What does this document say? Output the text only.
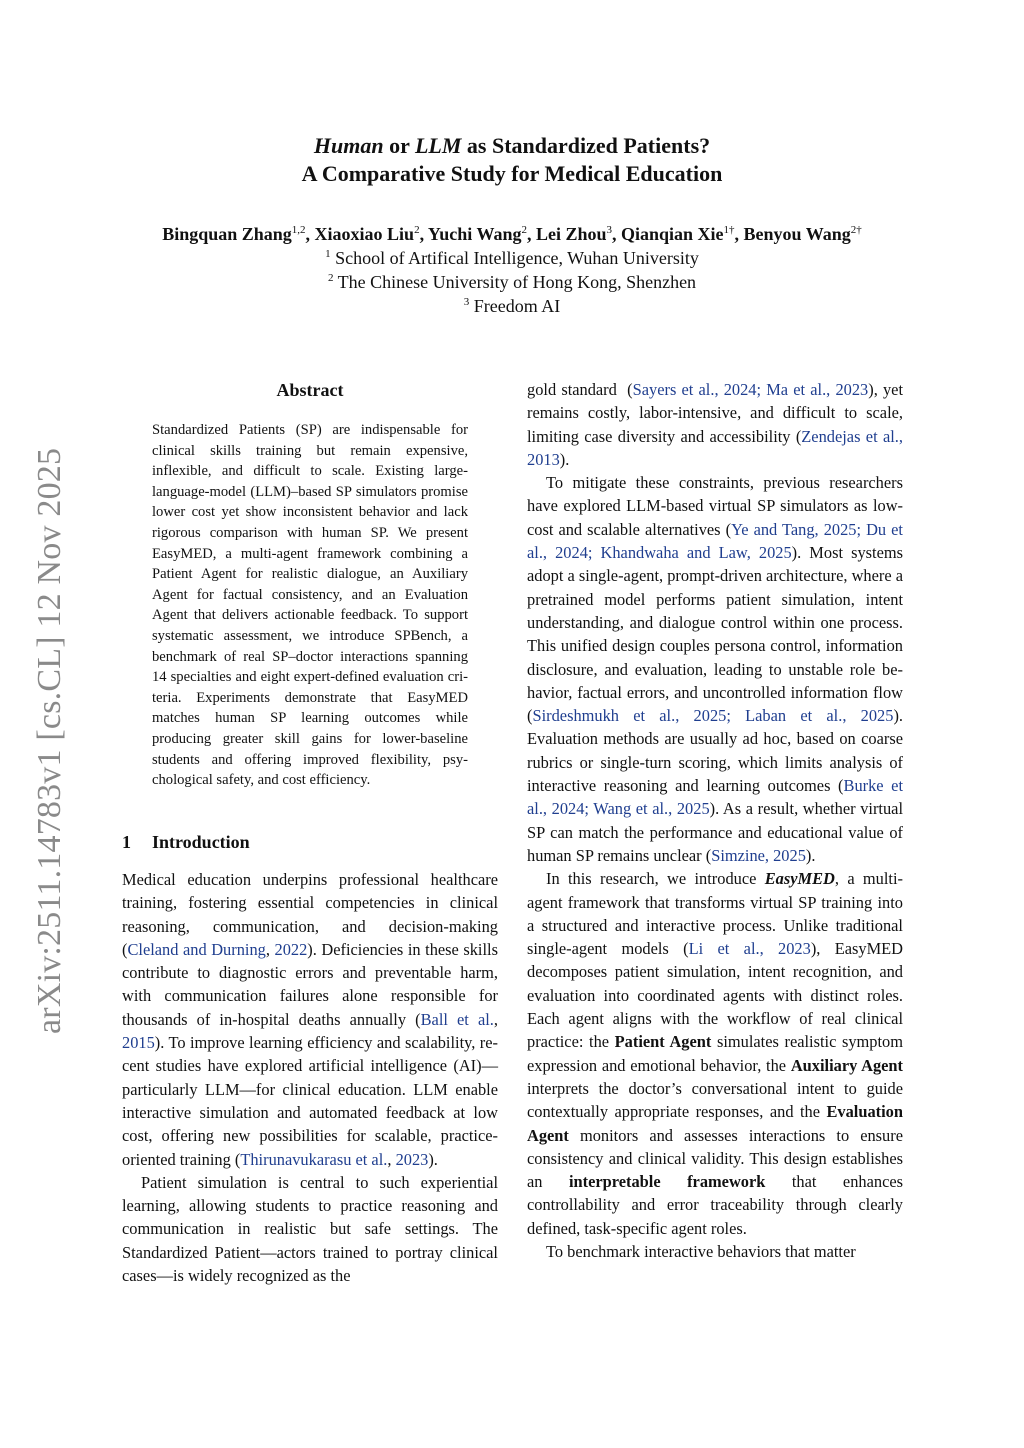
arXiv:2511.14783v1 [cs.CL] 12 Nov 2025
Human or LLM as Standardized Patients?
A Comparative Study for Medical Education
Bingquan Zhang$^{1,2}$, Xiaoxiao Liu$^2$, Yuchi Wang$^2$, Lei Zhou$^3$, Qianqian Xie$^{1\dagger}$, Benyou Wang$^{2\dagger}$
$^1$ School of Artifical Intelligence, Wuhan University
$^2$ The Chinese University of Hong Kong, Shenzhen
$^3$ Freedom AI
Abstract
Standardized Patients (SP) are indispensable for clinical skills training but remain expensive, inflexible, and difficult to scale. Existing large-language-model (LLM)–based SP simulators promise lower cost yet show inconsistent behavior and lack rigorous comparison with human SP. We present EasyMED, a multi-agent framework combining a Patient Agent for realistic dialogue, an Auxiliary Agent for factual consistency, and an Evaluation Agent that delivers actionable feedback. To support systematic assessment, we introduce SPBench, a benchmark of real SP–doctor interactions spanning 14 specialties and eight expert-defined evaluation criteria. Experiments demonstrate that EasyMED matches human SP learning outcomes while producing greater skill gains for lower-baseline students and offering improved flexibility, psychological safety, and cost efficiency.
1 Introduction

Medical education underpins professional healthcare training, fostering essential competencies in clinical reasoning, communication, and decision-making (Cleland and Durning, 2022). Deficiencies in these skills contribute to diagnostic errors and preventable harm, with communication failures alone responsible for thousands of in-hospital deaths annually (Ball et al., 2015). To improve learning efficiency and scalability, recent studies have explored artificial intelligence (AI)—particularly LLM—for clinical education. LLM enable interactive simulation and automated feedback at low cost, offering new possibilities for scalable, practice-oriented training (Thirunavukarasu et al., 2023).

Patient simulation is central to such experiential learning, allowing students to practice reasoning and communication in realistic but safe settings. The Standardized Patient—actors trained to portray clinical cases—is widely recognized as the

gold standard  (Sayers et al., 2024; Ma et al., 2023), yet remains costly, labor-intensive, and difficult to scale, limiting case diversity and accessibility (Zendejas et al., 2013).

To mitigate these constraints, previous researchers have explored LLM-based virtual SP simulators as low-cost and scalable alternatives (Ye and Tang, 2025; Du et al., 2024; Khandwaha and Law, 2025). Most systems adopt a single-agent, prompt-driven architecture, where a pretrained model performs patient simulation, intent understanding, and dialogue control within one process. This unified design couples persona control, information disclosure, and evaluation, leading to unstable role behavior, factual errors, and uncontrolled information flow (Sirdeshmukh et al., 2025; Laban et al., 2025). Evaluation methods are usually ad hoc, based on coarse rubrics or single-turn scoring, which limits analysis of interactive reasoning and learning outcomes (Burke et al., 2024; Wang et al., 2025). As a result, whether virtual SP can match the performance and educational value of human SP remains unclear (Simzine, 2025).

In this research, we introduce EasyMED, a multi-agent framework that transforms virtual SP training into a structured and interactive process. Unlike traditional single-agent models (Li et al., 2023), EasyMED decomposes patient simulation, intent recognition, and evaluation into coordinated agents with distinct roles. Each agent aligns with the workflow of real clinical practice: the Patient Agent simulates realistic symptom expression and emotional behavior, the Auxiliary Agent interprets the doctor’s conversational intent to guide contextually appropriate responses, and the Evaluation Agent monitors and assesses interactions to ensure consistency and clinical validity. This design establishes an interpretable framework that enhances controllability and error traceability through clearly defined, task-specific agent roles.

To benchmark interactive behaviors that matter
